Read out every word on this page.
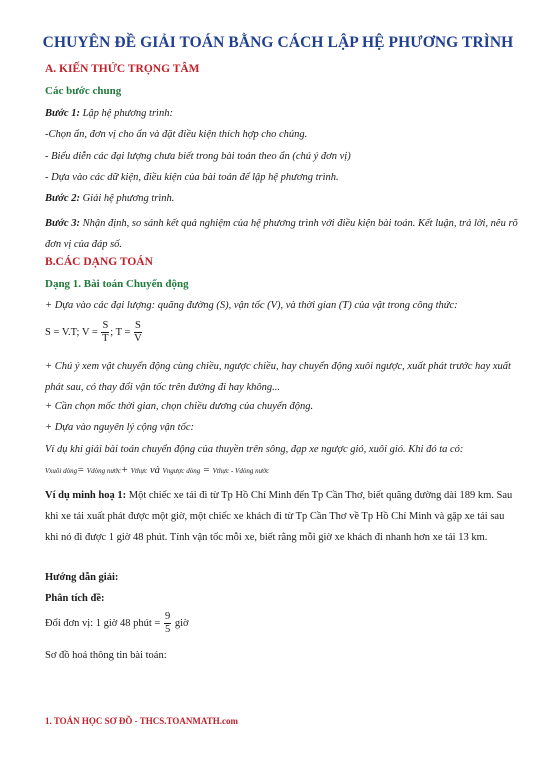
CHUYÊN ĐỀ GIẢI TOÁN BẰNG CÁCH LẬP HỆ PHƯƠNG TRÌNH
A. KIẾN THỨC TRỌNG TÂM
Các bước chung
Bước 1: Lập hệ phương trình:
-Chọn ẩn, đơn vị cho ẩn và đặt điều kiện thích hợp cho chúng.
- Biểu diễn các đại lượng chưa biết trong bài toán theo ẩn (chú ý đơn vị)
- Dựa vào các dữ kiện, điều kiện của bài toán để lập hệ phương trình.
Bước 2: Giải hệ phương trình.
Bước 3: Nhận định, so sánh kết quả nghiệm của hệ phương trình với điều kiện bài toán. Kết luận, trả lời, nêu rõ đơn vị của đáp số.
B.CÁC DẠNG TOÁN
Dạng 1. Bài toán Chuyển động
+ Dựa vào các đại lượng: quãng đường (S), vận tốc (V), và thời gian (T) của vật trong công thức:
S = V.T; $V = \frac{S}{T}$ ; $T = \frac{S}{V}$
+ Chú ý xem vật chuyển động cùng chiều, ngược chiều, hay chuyển động xuôi ngược, xuất phát trước hay xuất phát sau, có thay đổi vận tốc trên đường đi hay không...
+ Cần chọn mốc thời gian, chọn chiều dương của chuyển động.
+ Dựa vào nguyên lý cộng vận tốc:
Ví dụ khi giải bài toán chuyển động của thuyền trên sông, đạp xe ngược gió, xuôi gió. Khi đó ta có:
Vxuôi dòng= Vdòng nước+ Vthực và Vngược dòng = Vthực - Vdòng nước
Ví dụ minh hoạ 1: Một chiếc xe tải đi từ Tp Hồ Chí Minh đến Tp Cần Thơ, biết quãng đường dài 189 km. Sau khi xe tải xuất phát được một giờ, một chiếc xe khách đi từ Tp Cần Thơ về Tp Hồ Chí Minh và gặp xe tải sau khi nó đi được 1 giờ 48 phút. Tính vận tốc mỗi xe, biết rằng mỗi giờ xe khách đi nhanh hơn xe tải 13 km.
Hướng dẫn giải:
Phân tích đề:
Đổi đơn vị: 1 giờ 48 phút = $\frac{9}{5}$ giờ
Sơ đồ hoá thông tin bài toán:
1. TOÁN HỌC SƠ ĐỒ - THCS.TOANMATH.com
